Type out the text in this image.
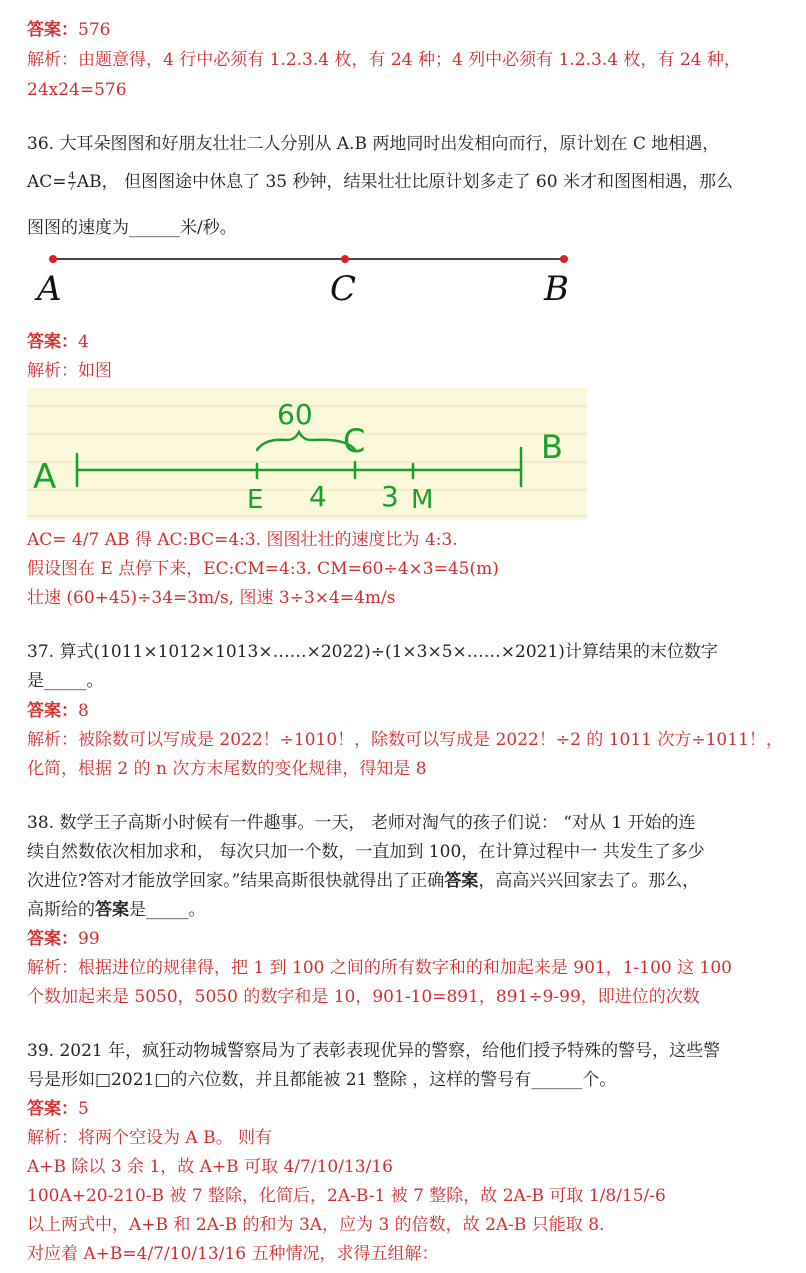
答案：576
解析：由题意得，4 行中必须有 1.2.3.4 枚，有 24 种；4 列中必须有 1.2.3.4 枚，有 24 种，
24x24=576
36. 大耳朵图图和好朋友壮壮二人分别从 A.B 两地同时出发相向而行，原计划在 C 地相遇，
$AC= \frac{4}{7}$ AB， 但图图途中休息了 35 秒钟，结果壮壮比原计划多走了 60 米才和图图相遇，那么
图图的速度为______米/秒。
A	C	B
答案：4
解析：如图
A
B
C
60
E 4 3 M
AC= 4/7 AB 得 AC:BC=4:3. 图图壮壮的速度比为 4:3.
假设图在 E 点停下来，EC:CM=4:3. CM=60÷4×3=45(m)
壮速 (60+45)÷34=3m/s, 图速 3÷3×4=4m/s
37. 算式(1011×1012×1013×……×2022)÷(1×3×5×……×2021)计算结果的末位数字
是_____。
答案：8
解析：被除数可以写成是 2022！÷1010！，除数可以写成是 2022！÷2 的 1011 次方÷1011！，
化简，根据 2 的 n 次方末尾数的变化规律，得知是 8
38. 数学王子高斯小时候有一件趣事。一天， 老师对淘气的孩子们说： “对从 1 开始的连
续自然数依次相加求和， 每次只加一个数，一直加到 100，在计算过程中一 共发生了多少
次进位?答对才能放学回家。”结果高斯很快就得出了正确答案，高高兴兴回家去了。那么，
高斯给的答案是_____。
答案：99
解析：根据进位的规律得，把 1 到 100 之间的所有数字和的和加起来是 901，1-100 这 100
个数加起来是 5050，5050 的数字和是 10，901-10=891，891÷9-99，即进位的次数
39. 2021 年，疯狂动物城警察局为了表彰表现优异的警察，给他们授予特殊的警号，这些警
号是形如□2021□的六位数，并且都能被 21 整除 ，这样的警号有______个。
答案：5
解析：将两个空设为 A B。 则有
A+B 除以 3 余 1，故 A+B 可取 4/7/10/13/16
100A+20-210-B 被 7 整除，化简后，2A-B-1 被 7 整除，故 2A-B 可取 1/8/15/-6
以上两式中，A+B 和 2A-B 的和为 3A，应为 3 的倍数，故 2A-B 只能取 8.
对应着 A+B=4/7/10/13/16 五种情况，求得五组解：
